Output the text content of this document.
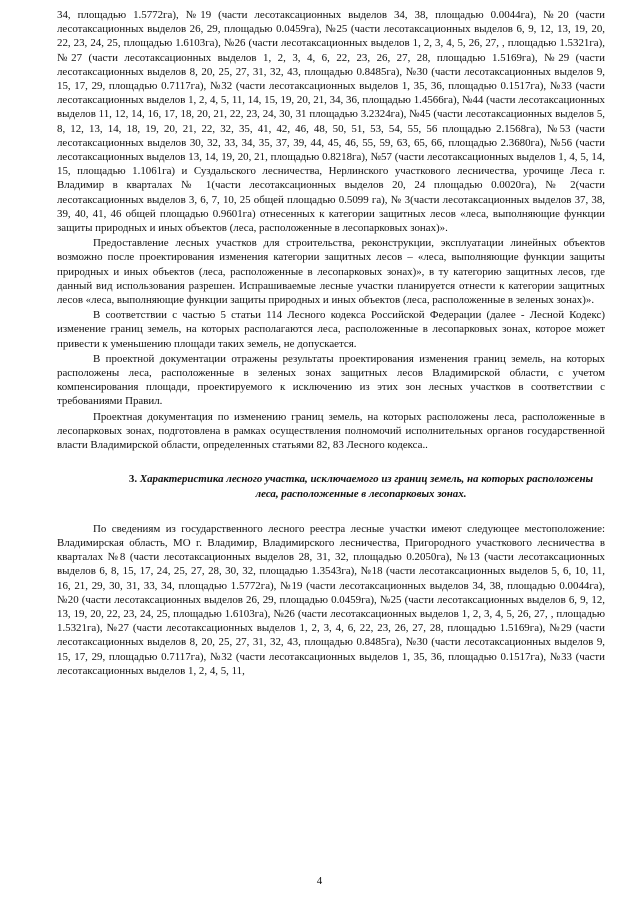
34, площадью 1.5772га), №19 (части лесотаксационных выделов 34, 38, площадью 0.0044га), №20 (части лесотаксационных выделов 26, 29, площадью 0.0459га), №25 (части лесотаксационных выделов 6, 9, 12, 13, 19, 20, 22, 23, 24, 25, площадью 1.6103га), №26 (части лесотаксационных выделов 1, 2, 3, 4, 5, 26, 27, , площадью 1.5321га), №27 (части лесотаксационных выделов 1, 2, 3, 4, 6, 22, 23, 26, 27, 28, площадью 1.5169га), №29 (части лесотаксационных выделов 8, 20, 25, 27, 31, 32, 43, площадью 0.8485га), №30 (части лесотаксационных выделов 9, 15, 17, 29, площадью 0.7117га), №32 (части лесотаксационных выделов 1, 35, 36, площадью 0.1517га), №33 (части лесотаксационных выделов 1, 2, 4, 5, 11, 14, 15, 19, 20, 21, 34, 36, площадью 1.4566га), №44 (части лесотаксационных выделов 11, 12, 14, 16, 17, 18, 20, 21, 22, 23, 24, 30, 31 площадью 3.2324га), №45 (части лесотаксационных выделов 5, 8, 12, 13, 14, 18, 19, 20, 21, 22, 32, 35, 41, 42, 46, 48, 50, 51, 53, 54, 55, 56 площадью 2.1568га), №53 (части лесотаксационных выделов 30, 32, 33, 34, 35, 37, 39, 44, 45, 46, 55, 59, 63, 65, 66, площадью 2.3680га), №56 (части лесотаксационных выделов 13, 14, 19, 20, 21, площадью 0.8218га), №57 (части лесотаксационных выделов 1, 4, 5, 14, 15, площадью 1.1061га) и Суздальского лесничества, Нерлинского участкового лесничества, урочище Леса г. Владимир в кварталах № 1(части лесотаксационных выделов 20, 24 площадью 0.0020га), № 2(части лесотаксационных выделов 3, 6, 7, 10, 25 общей площадью 0.5099 га), № 3(части лесотаксационных выделов 37, 38, 39, 40, 41, 46 общей площадью 0.9601га) отнесенных к категории защитных лесов «леса, выполняющие функции защиты природных и иных объектов (леса, расположенные в лесопарковых зонах)».

Предоставление лесных участков для строительства, реконструкции, эксплуатации линейных объектов возможно после проектирования изменения категории защитных лесов – «леса, выполняющие функции защиты природных и иных объектов (леса, расположенные в лесопарковых зонах)», в ту категорию защитных лесов, где данный вид использования разрешен. Испрашиваемые лесные участки планируется отнести к категории защитных лесов «леса, выполняющие функции защиты природных и иных объектов (леса, расположенные в зеленых зонах)».

В соответствии с частью 5 статьи 114 Лесного кодекса Российской Федерации (далее - Лесной Кодекс) изменение границ земель, на которых располагаются леса, расположенные в лесопарковых зонах, которое может привести к уменьшению площади таких земель, не допускается.

В проектной документации отражены результаты проектирования изменения границ земель, на которых расположены леса, расположенные в зеленых зонах защитных лесов Владимирской области, с учетом компенсирования площади, проектируемого к исключению из этих зон лесных участков в соответствии с требованиями Правил.

Проектная документация по изменению границ земель, на которых расположены леса, расположенные в лесопарковых зонах, подготовлена в рамках осуществления полномочий исполнительных органов государственной власти Владимирской области, определенных статьями 82, 83 Лесного кодекса..

3. Характеристика лесного участка, исключаемого из границ земель, на которых расположены леса, расположенные в лесопарковых зонах.

По сведениям из государственного лесного реестра лесные участки имеют следующее местоположение: Владимирская область, МО г. Владимир, Владимирского лесничества, Пригородного участкового лесничества в кварталах №8 (части лесотаксационных выделов 28, 31, 32, площадью 0.2050га), №13 (части лесотаксационных выделов 6, 8, 15, 17, 24, 25, 27, 28, 30, 32, площадью 1.3543га), №18 (части лесотаксационных выделов 5, 6, 10, 11, 16, 21, 29, 30, 31, 33, 34, площадью 1.5772га), №19 (части лесотаксационных выделов 34, 38, площадью 0.0044га), №20 (части лесотаксационных выделов 26, 29, площадью 0.0459га), №25 (части лесотаксационных выделов 6, 9, 12, 13, 19, 20, 22, 23, 24, 25, площадью 1.6103га), №26 (части лесотаксационных выделов 1, 2, 3, 4, 5, 26, 27, , площадью 1.5321га), №27 (части лесотаксационных выделов 1, 2, 3, 4, 6, 22, 23, 26, 27, 28, площадью 1.5169га), №29 (части лесотаксационных выделов 8, 20, 25, 27, 31, 32, 43, площадью 0.8485га), №30 (части лесотаксационных выделов 9, 15, 17, 29, площадью 0.7117га), №32 (части лесотаксационных выделов 1, 35, 36, площадью 0.1517га), №33 (части лесотаксационных выделов 1, 2, 4, 5, 11,

4
